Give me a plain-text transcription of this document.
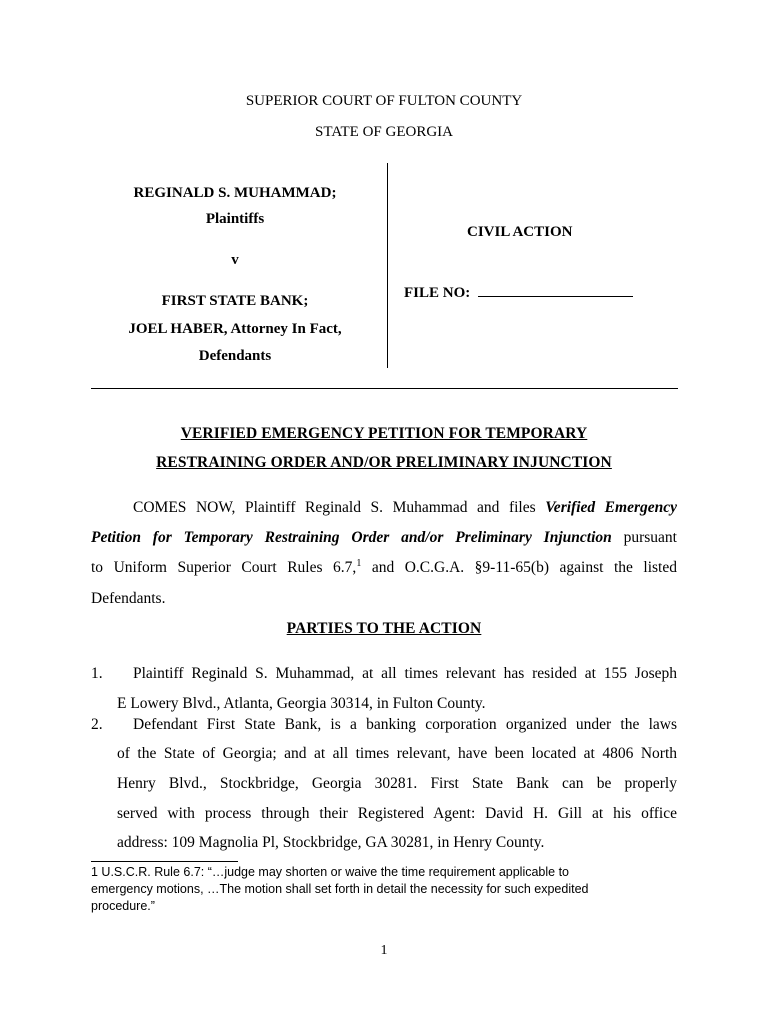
SUPERIOR COURT OF FULTON COUNTY
STATE OF GEORGIA
REGINALD S. MUHAMMAD;
Plaintiffs
v
FIRST STATE BANK;
JOEL HABER, Attorney In Fact,
Defendants
CIVIL ACTION
FILE NO:
VERIFIED EMERGENCY PETITION FOR TEMPORARY
RESTRAINING ORDER AND/OR PRELIMINARY INJUNCTION
COMES NOW, Plaintiff Reginald S. Muhammad and files Verified Emergency
Petition for Temporary Restraining Order and/or Preliminary Injunction pursuant
to Uniform Superior Court Rules 6.7,$^1$ and O.C.G.A. §9-11-65(b) against the listed
Defendants.
PARTIES TO THE ACTION
1.	Plaintiff Reginald S. Muhammad, at all times relevant has resided at 155 Joseph
E Lowery Blvd., Atlanta, Georgia 30314, in Fulton County.
2.	Defendant First State Bank, is a banking corporation organized under the laws
of the State of Georgia; and at all times relevant, have been located at 4806 North
Henry Blvd., Stockbridge, Georgia 30281. First State Bank can be properly
served with process through their Registered Agent: David H. Gill at his office
address: 109 Magnolia Pl, Stockbridge, GA 30281, in Henry County.
1 U.S.C.R. Rule 6.7: “…judge may shorten or waive the time requirement applicable to
emergency motions, …The motion shall set forth in detail the necessity for such expedited
procedure.”
1
